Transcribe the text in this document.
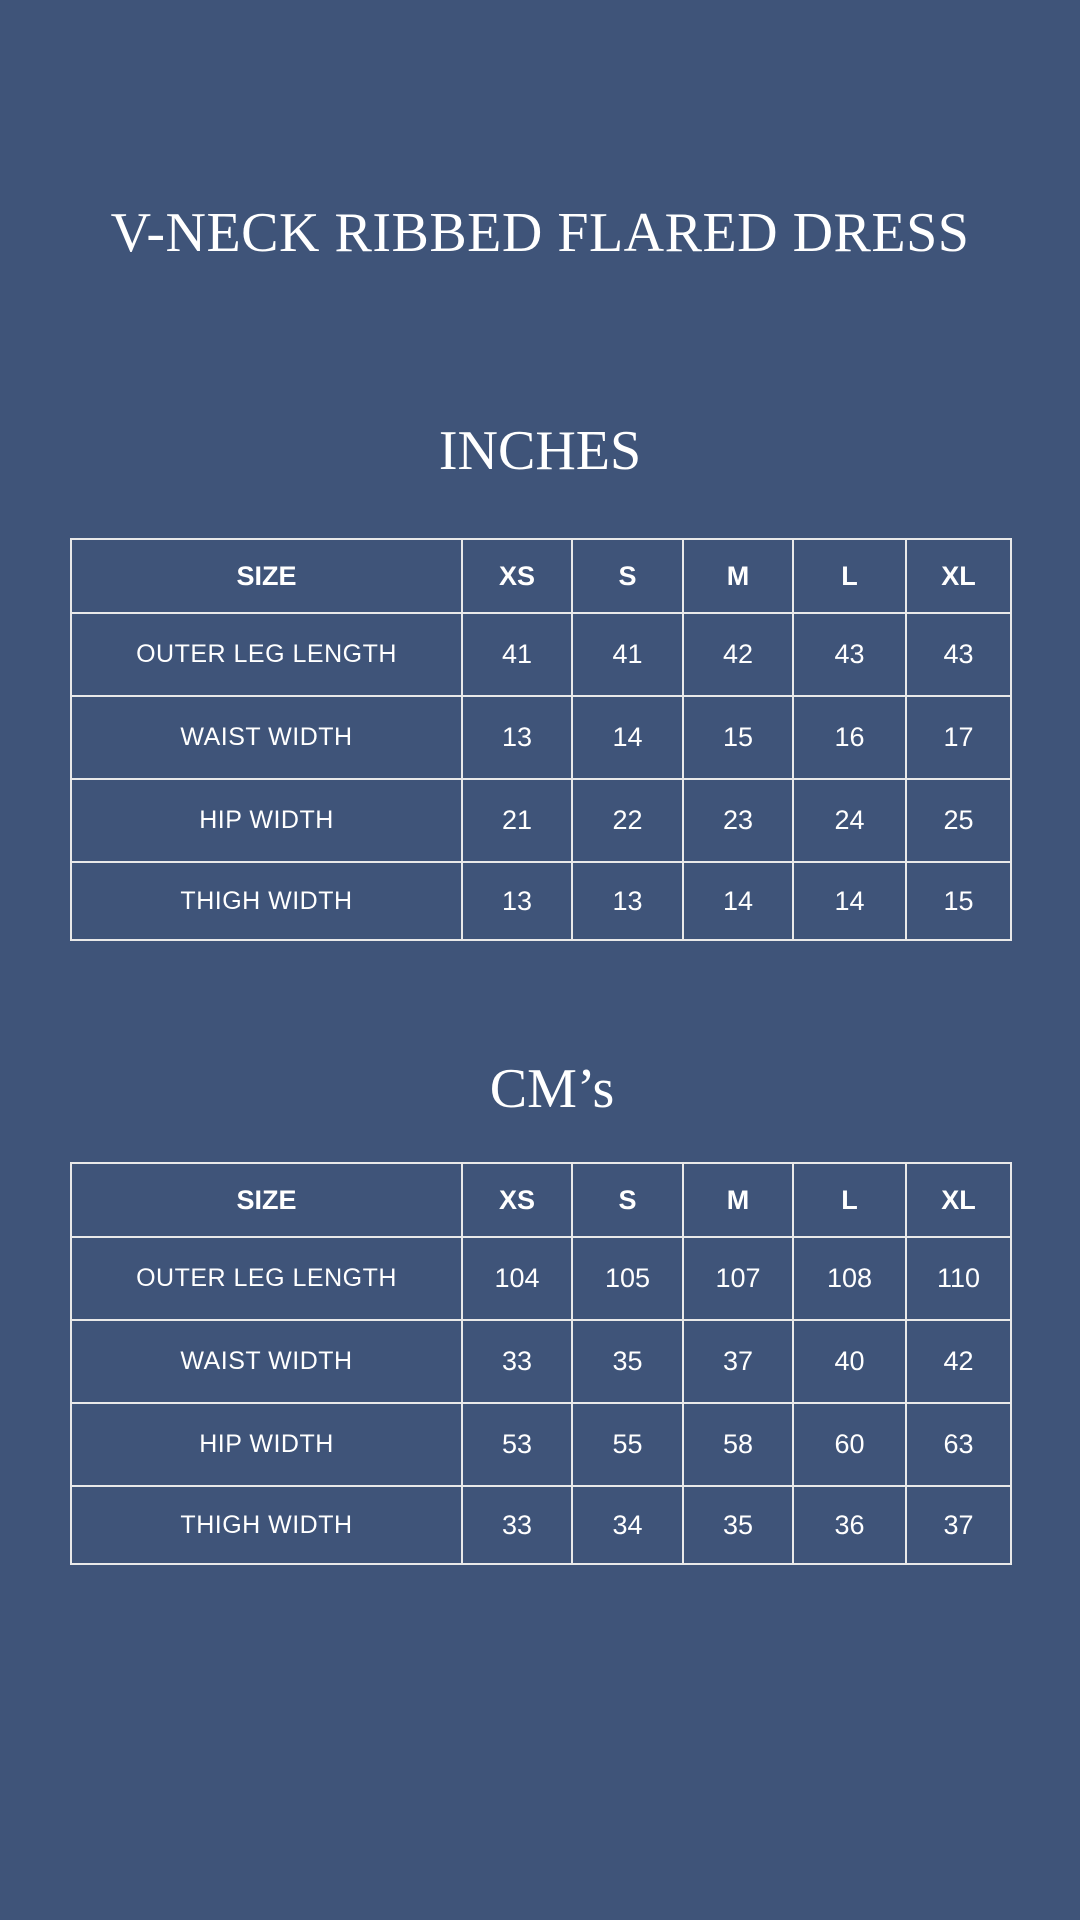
V-NECK RIBBED FLARED DRESS
INCHES
SIZE	XS	S	M	L	XL
OUTER LEG LENGTH	41	41	42	43	43
WAIST WIDTH	13	14	15	16	17
HIP WIDTH	21	22	23	24	25
THIGH WIDTH	13	13	14	14	15
CM’s
SIZE	XS	S	M	L	XL
OUTER LEG LENGTH	104	105	107	108	110
WAIST WIDTH	33	35	37	40	42
HIP WIDTH	53	55	58	60	63
THIGH WIDTH	33	34	35	36	37
